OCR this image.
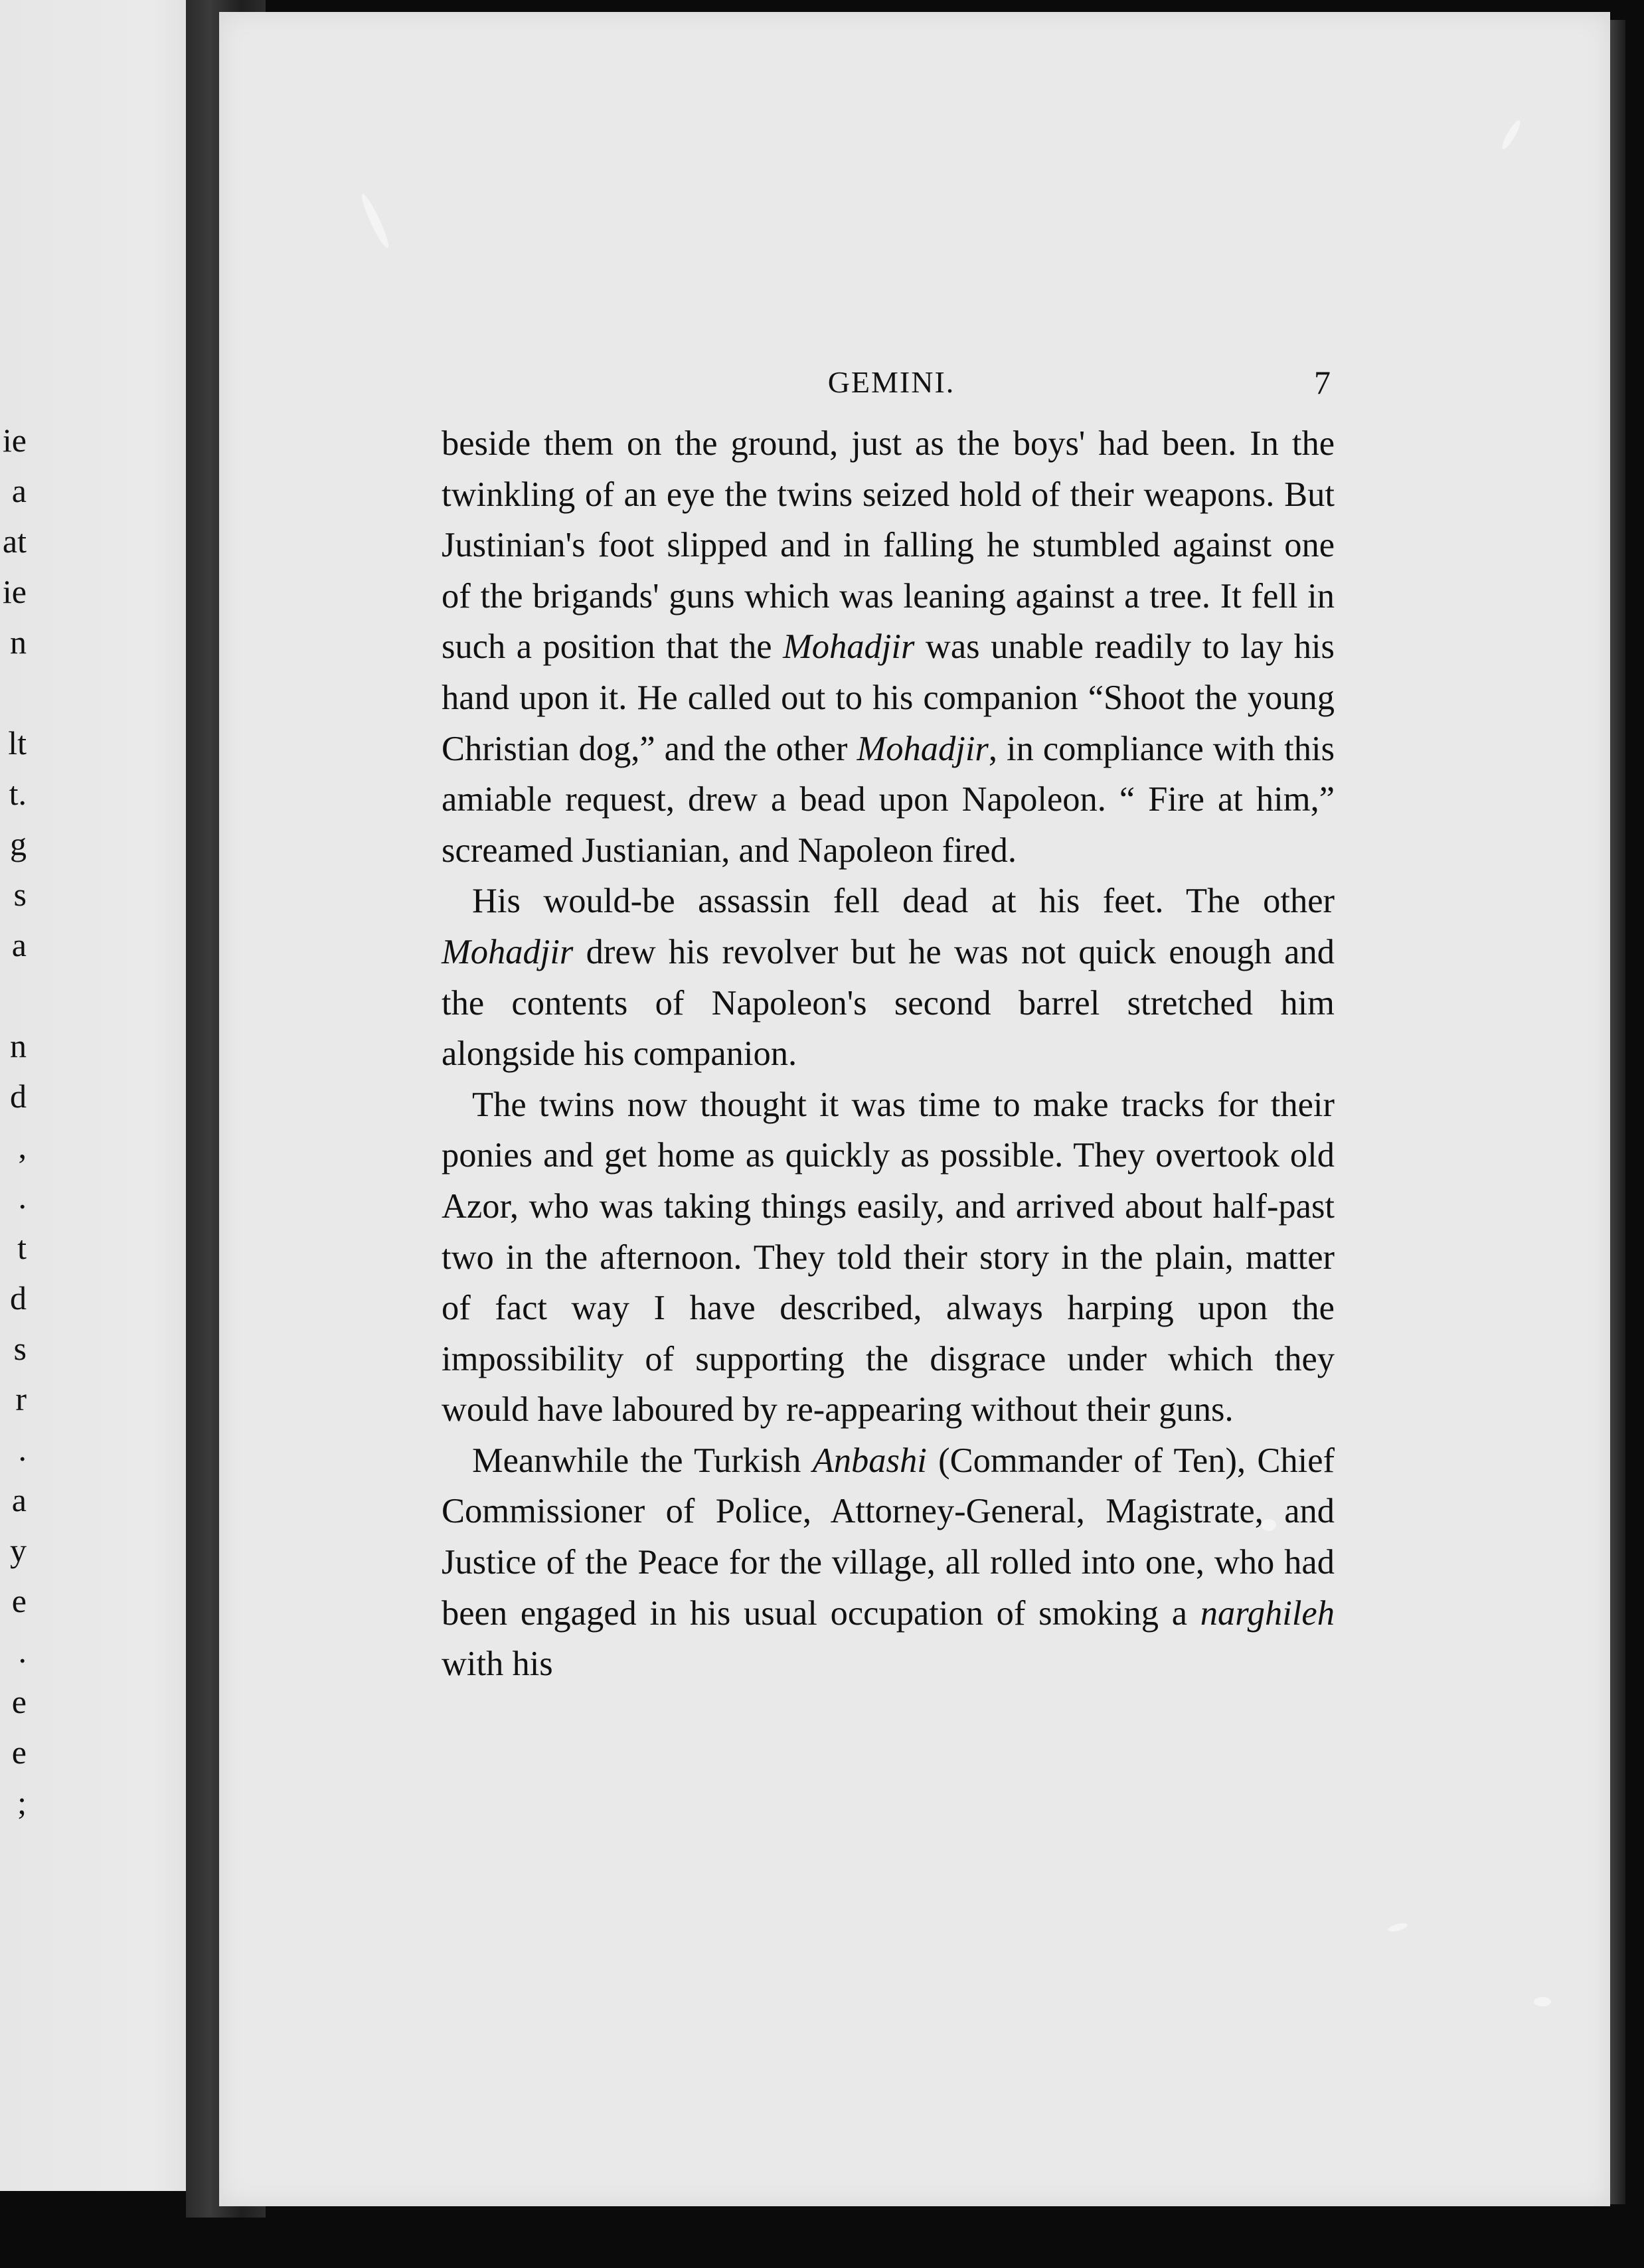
ie
a
at
ie
n
lt
t.
g
s
a
n
d
,
.
t
d
s
r
.
a
y
e
.
e
e
;
GEMINI.	7

beside them on the ground, just as the boys' had been. In the twinkling of an eye the twins seized hold of their weapons. But Justinian's foot slipped and in falling he stumbled against one of the brigands' guns which was leaning against a tree. It fell in such a position that the Mohadjir was unable readily to lay his hand upon it. He called out to his companion “Shoot the young Christian dog,” and the other Mohadjir, in compliance with this amiable request, drew a bead upon Napoleon. “ Fire at him,” screamed Justianian, and Napoleon fired.

His would-be assassin fell dead at his feet. The other Mohadjir drew his revolver but he was not quick enough and the contents of Napoleon's second barrel stretched him alongside his companion.

The twins now thought it was time to make tracks for their ponies and get home as quickly as possible. They overtook old Azor, who was taking things easily, and arrived about half-past two in the afternoon. They told their story in the plain, matter of fact way I have described, always harping upon the impossibility of supporting the disgrace under which they would have laboured by re-appearing without their guns.

Meanwhile the Turkish Anbashi (Commander of Ten), Chief Commissioner of Police, Attorney-General, Magistrate, and Justice of the Peace for the village, all rolled into one, who had been engaged in his usual occupation of smoking a narghileh with his
